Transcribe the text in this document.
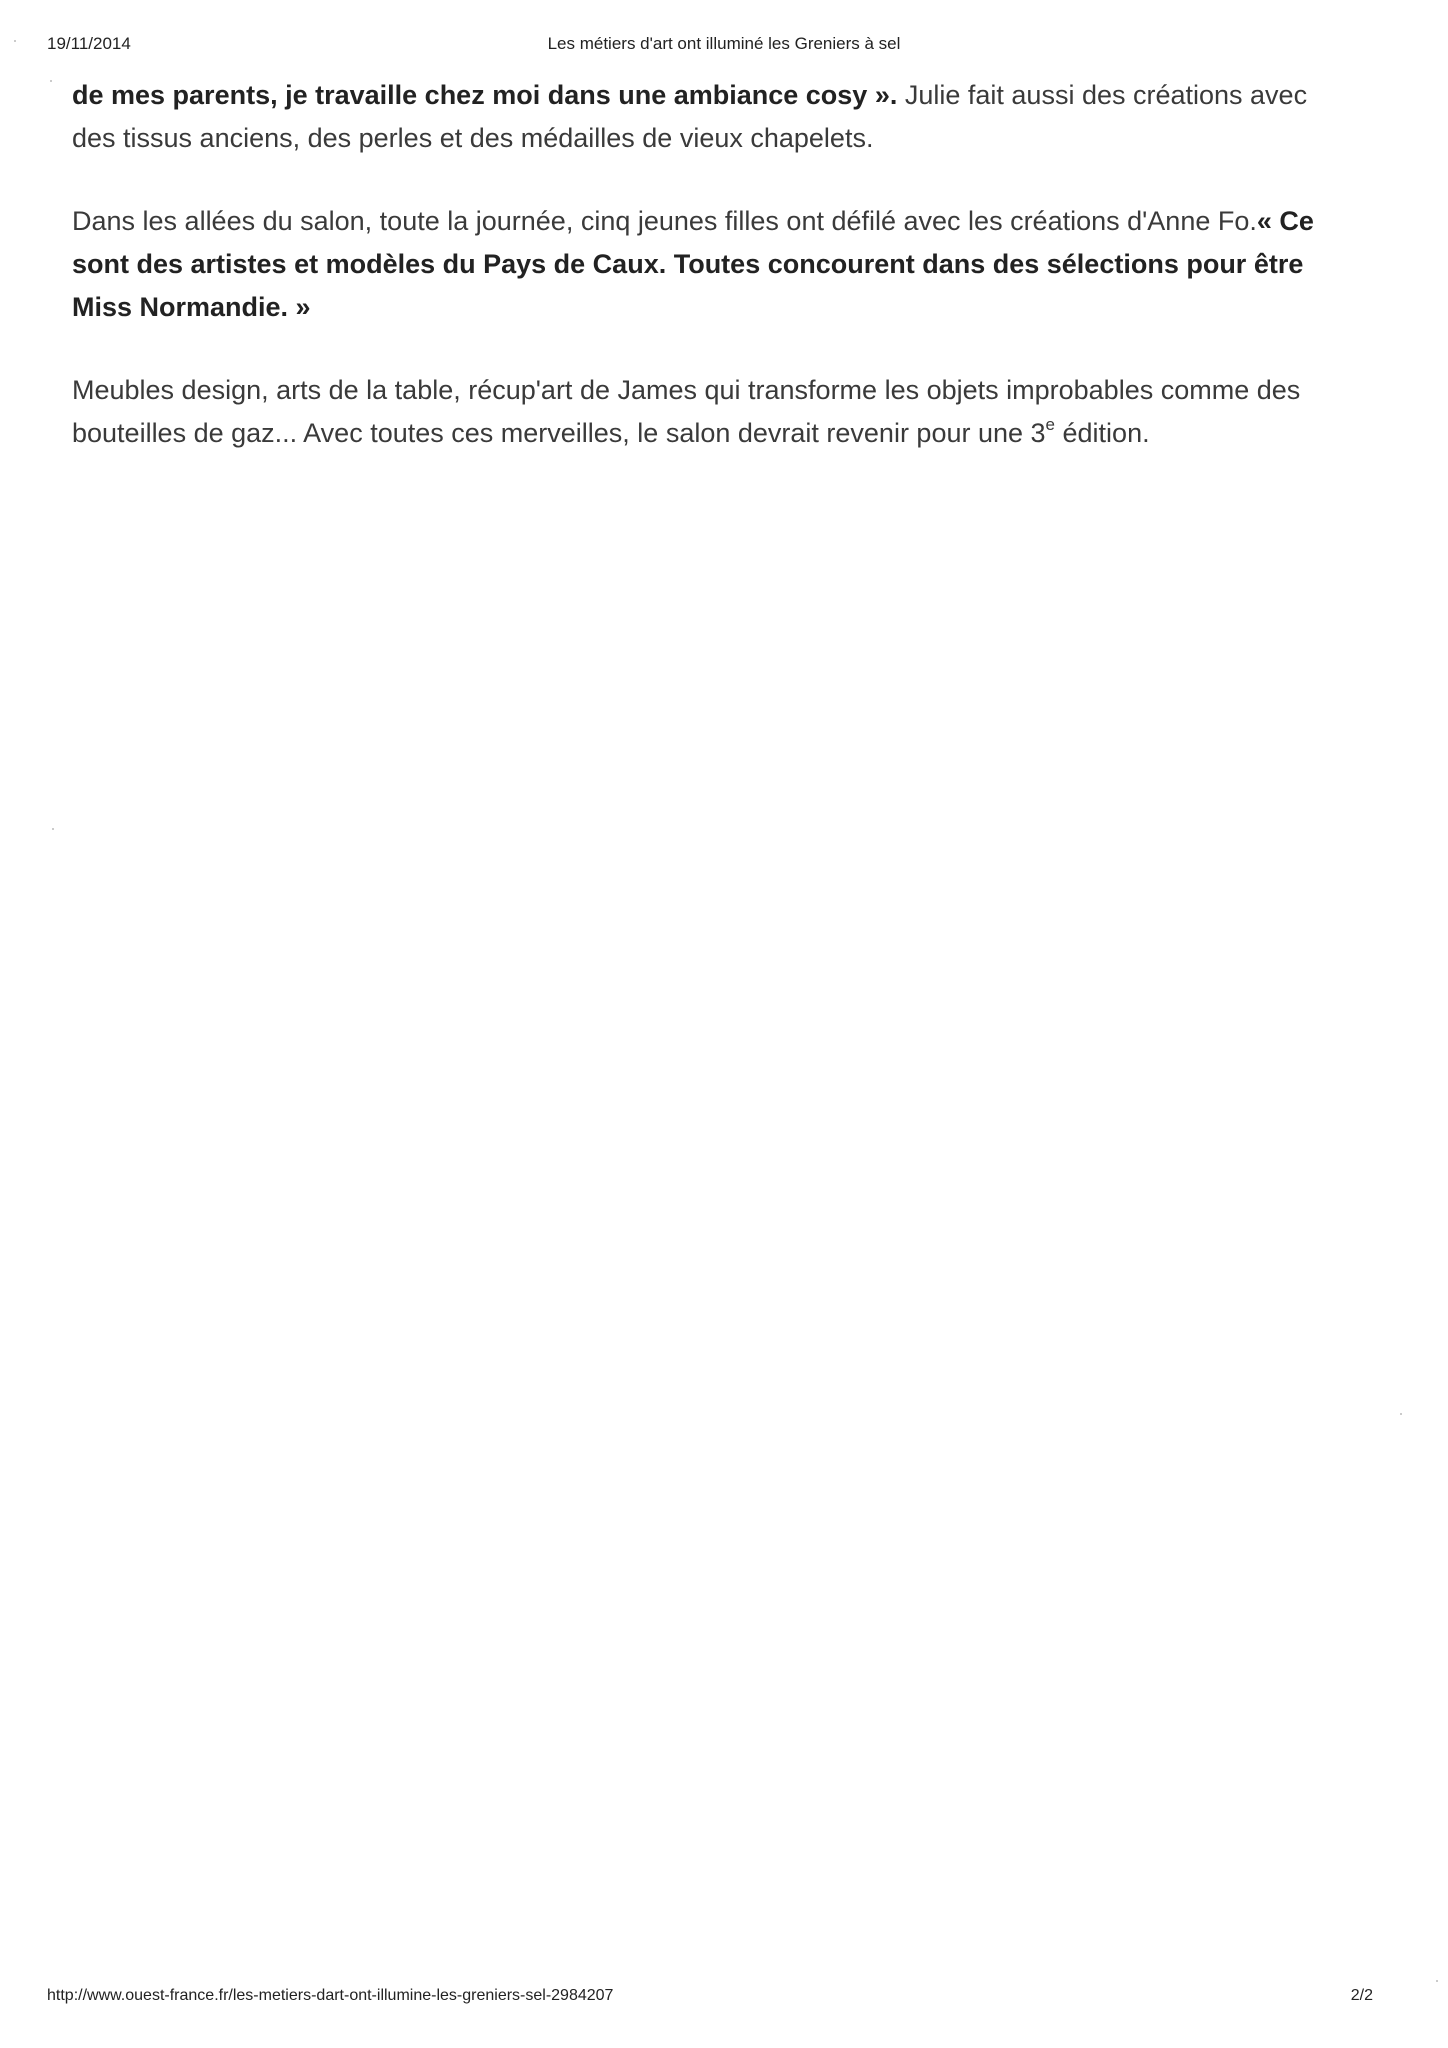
19/11/2014	Les métiers d'art ont illuminé les Greniers à sel

de mes parents, je travaille chez moi dans une ambiance cosy ». Julie fait aussi des créations avec des tissus anciens, des perles et des médailles de vieux chapelets.

Dans les allées du salon, toute la journée, cinq jeunes filles ont défilé avec les créations d'Anne Fo.« Ce sont des artistes et modèles du Pays de Caux. Toutes concourent dans des sélections pour être Miss Normandie. »

Meubles design, arts de la table, récup'art de James qui transforme les objets improbables comme des bouteilles de gaz... Avec toutes ces merveilles, le salon devrait revenir pour une 3e édition.

http://www.ouest-france.fr/les-metiers-dart-ont-illumine-les-greniers-sel-2984207	2/2
